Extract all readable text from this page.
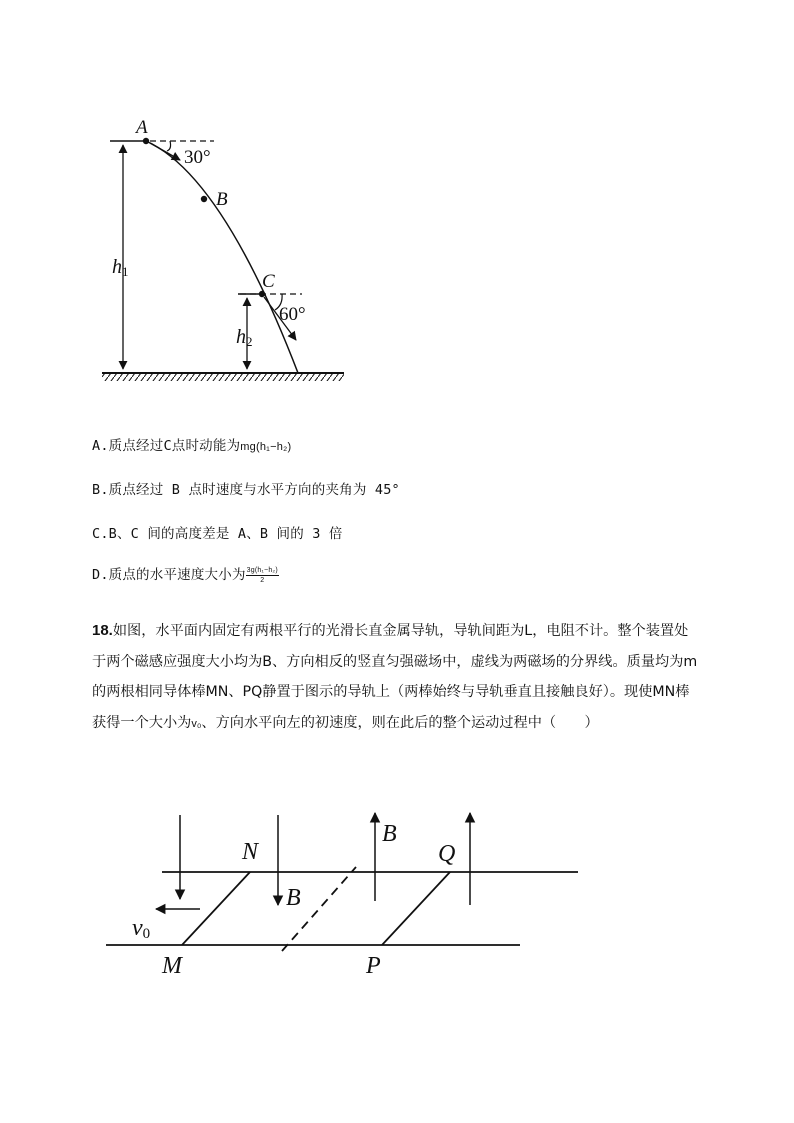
h1
30°
A
B
C
h2
60°
A.质点经过C点时动能为mg(h₁−h₂)
B.质点经过 B 点时速度与水平方向的夹角为 45°
C.B、C 间的高度差是 A、B 间的 3 倍
D.质点的水平速度大小为 $\frac{\text{3g(h₁−h₂)}}{2}$
18.如图，水平面内固定有两根平行的光滑长直金属导轨，导轨间距为L，电阻不计。整个装置处于两个磁感应强度大小均为B、方向相反的竖直匀强磁场中，虚线为两磁场的分界线。质量均为m的两根相同导体棒MN、PQ静置于图示的导轨上（两棒始终与导轨垂直且接触良好）。现使MN棒获得一个大小为v₀、方向水平向左的初速度，则在此后的整个运动过程中（　　）
N
M
Q
P
B
B
v0
